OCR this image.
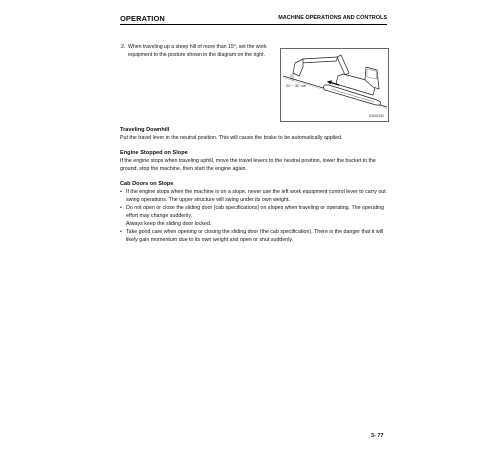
OPERATION	MACHINE OPERATIONS AND CONTROLS
2. When traveling up a steep hill of more than 15°, set the work equipment to the posture shown in the diagram on the right.
20 ~ 30 cm
9JA00332
Traveling Downhill

Put the travel lever in the neutral position. This will cause the brake to be automatically applied.

Engine Stopped on Slope

If the engine stops when traveling uphill, move the travel levers to the neutral position, lower the bucket to the ground, stop the machine, then start the engine again.

Cab Doors on Slope
• If the engine stops when the machine is on a slope, never use the left work equipment control lever to carry out swing operations. The upper structure will swing under its own weight.
• Do not open or close the sliding door (cab specifications) on slopes when traveling or operating. The operating effort may change suddenly.
Always keep the sliding door locked.
• Take good care when opening or closing the sliding door (the cab specification). There is the danger that it will likely gain momentum due to its own weight and open or shut suddenly.
3- 77
